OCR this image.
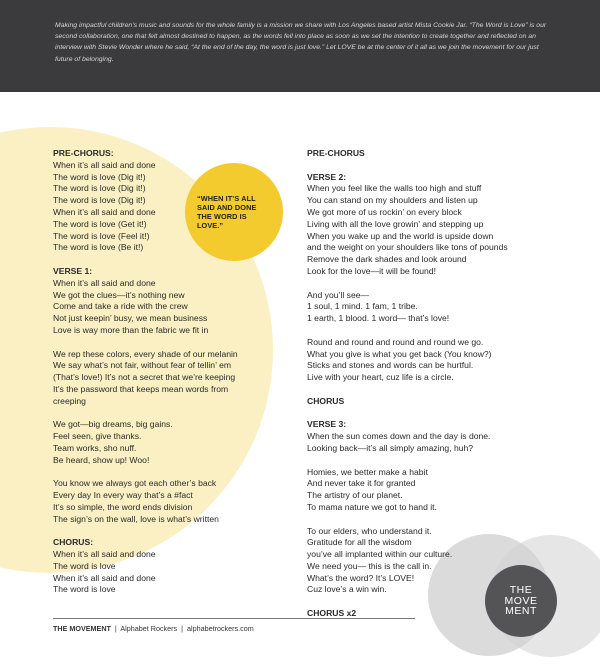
Making impactful children’s music and sounds for the whole family is a mission we share with Los Angeles based artist Mista Cookie Jar. “The Word is Love” is our second collaboration, one that felt almost destined to happen, as the words fell into place as soon as we set the intention to create together and reflected on an interview with Stevie Wonder where he said, “At the end of the day, the word is just love.” Let LOVE be at the center of it all as we join the movement for our just future of belonging.

“WHEN IT’S ALL SAID AND DONE THE WORD IS LOVE.”
THE
MOVE
MENT

PRE-CHORUS:

When it’s all said and done

The word is love (Dig it!)

The word is love (Dig it!)

The word is love (Dig it!)

When it’s all said and done

The word is love (Get it!)

The word is love (Feel it!)

The word is love (Be it!)

VERSE 1:

When it’s all said and done

We got the clues—it’s nothing new

Come and take a ride with the crew

Not just keepin’ busy, we mean business

Love is way more than the fabric we fit in

We rep these colors, every shade of our melanin

We say what’s not fair, without fear of tellin’ em

(That’s love!) It’s not a secret that we’re keeping

It’s the password that keeps mean words from

creeping

We got—big dreams, big gains.

Feel seen, give thanks.

Team works, sho nuff.

Be heard, show up! Woo!

You know we always got each other’s back

Every day In every way that’s a #fact

It’s so simple, the word ends division

The sign’s on the wall, love is what’s written

CHORUS:

When it’s all said and done

The word is love

When it’s all said and done

The word is love

PRE-CHORUS

VERSE 2:

When you feel like the walls too high and stuff

You can stand on my shoulders and listen up

We got more of us rockin’ on every block

Living with all the love growin’ and stepping up

When you wake up and the world is upside down

and the weight on your shoulders like tons of pounds

Remove the dark shades and look around

Look for the love—it will be found!

And you’ll see—

1 soul, 1 mind. 1 fam, 1 tribe.

1 earth, 1 blood. 1 word— that’s love!

Round and round and round and round we go.

What you give is what you get back (You know?)

Sticks and stones and words can be hurtful.

Live with your heart, cuz life is a circle.

CHORUS

VERSE 3:

When the sun comes down and the day is done.

Looking back—it’s all simply amazing, huh?

Homies, we better make a habit

And never take it for granted

The artistry of our planet.

To mama nature we got to hand it.

To our elders, who understand it.

Gratitude for all the wisdom

you’ve all implanted within our culture.

We need you— this is the call in.

What’s the word? It’s LOVE!

Cuz love’s a win win.

CHORUS x2

THE MOVEMENT | Alphabet Rockers | alphabetrockers.com
